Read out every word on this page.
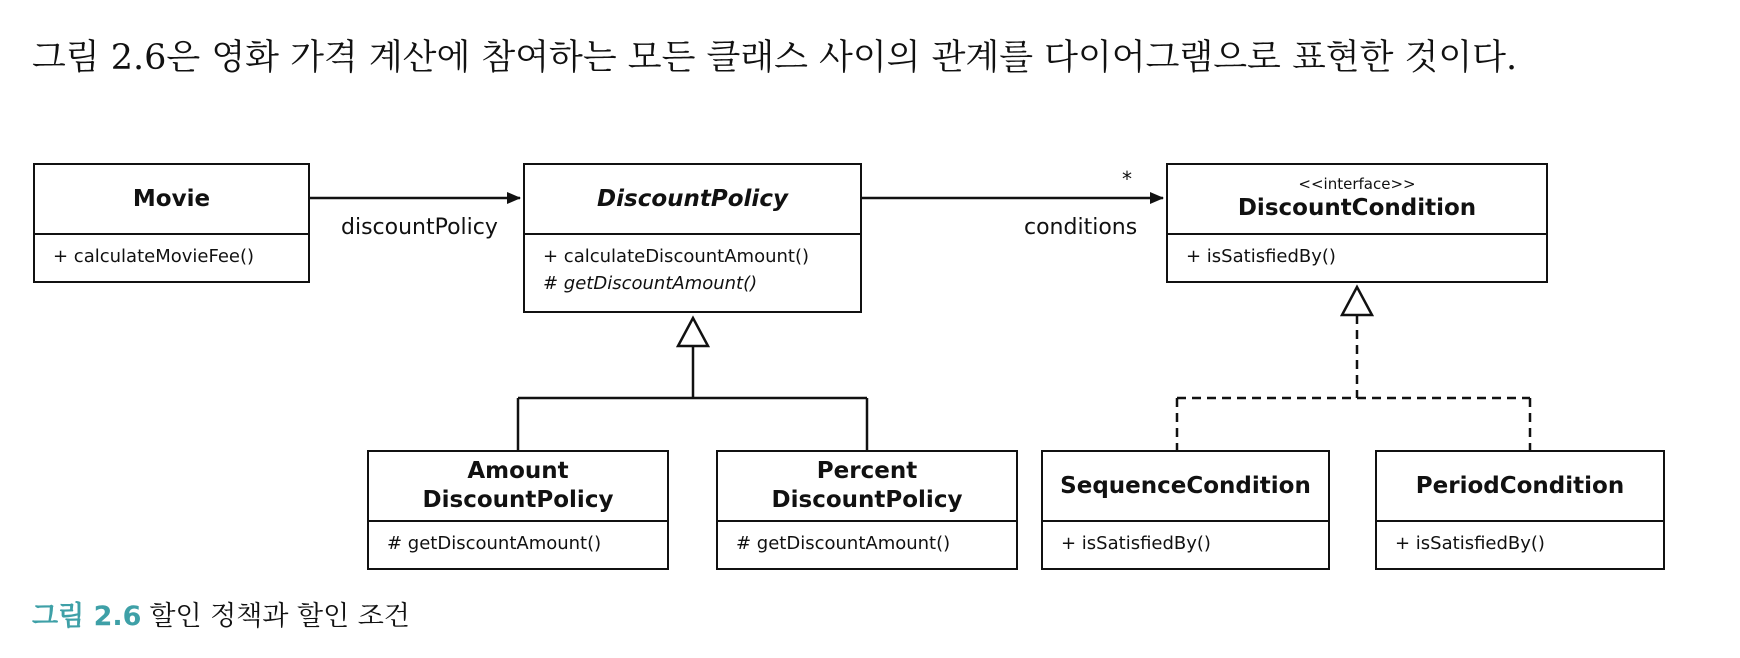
그림 2.6은 영화 가격 계산에 참여하는 모든 클래스 사이의 관계를 다이어그램으로 표현한 것이다.
Movie
+ calculateMovieFee()
DiscountPolicy
+ calculateDiscountAmount()
# getDiscountAmount()
<<interface>>
DiscountCondition
+ isSatisfiedBy()
Amount
DiscountPolicy
# getDiscountAmount()
Percent
DiscountPolicy
# getDiscountAmount()
SequenceCondition
+ isSatisfiedBy()
PeriodCondition
+ isSatisfiedBy()
discountPolicy	conditions
*
그림 2.6 할인 정책과 할인 조건
